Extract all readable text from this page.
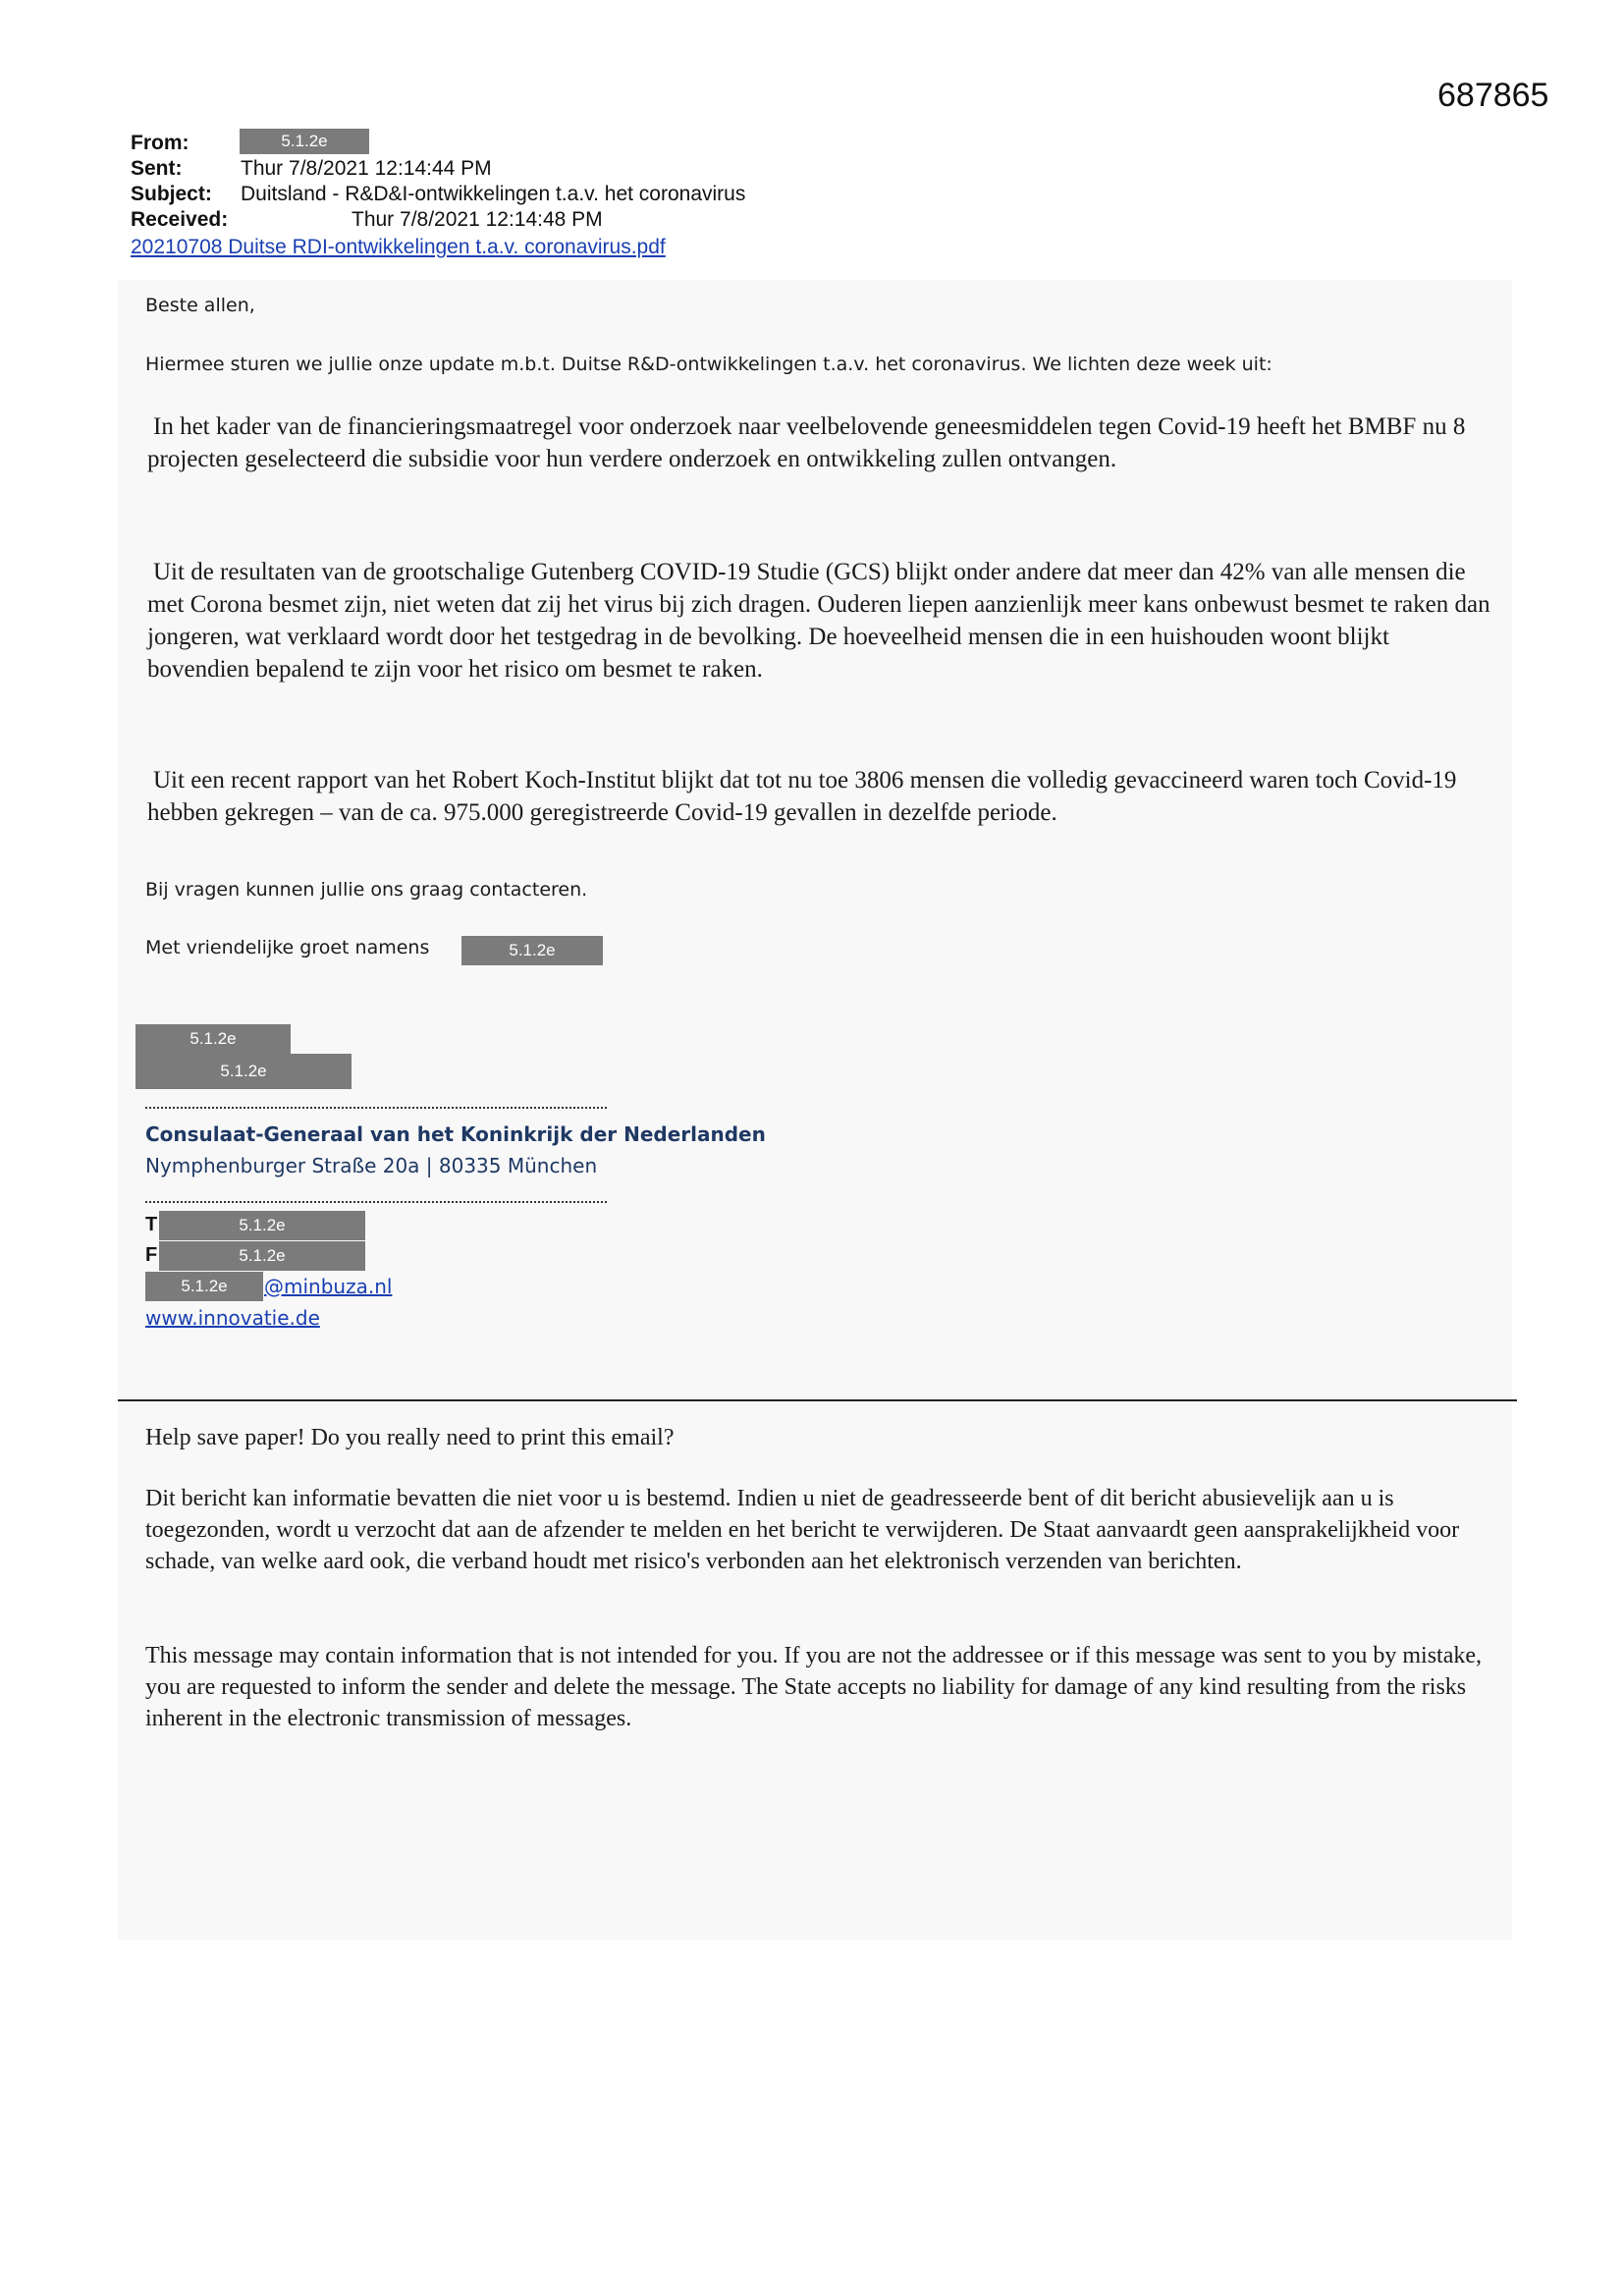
687865
From:	5.1.2e
Sent:	Thur 7/8/2021 12:14:44 PM
Subject: Duitsland - R&D&I-ontwikkelingen t.a.v. het coronavirus
Received:	Thur 7/8/2021 12:14:48 PM
20210708 Duitse RDI-ontwikkelingen t.a.v. coronavirus.pdf
Beste allen,
Hiermee sturen we jullie onze update m.b.t. Duitse R&D-ontwikkelingen t.a.v. het coronavirus. We lichten deze week uit:
In het kader van de financieringsmaatregel voor onderzoek naar veelbelovende geneesmiddelen tegen Covid-19 heeft het BMBF nu 8 projecten geselecteerd die subsidie voor hun verdere onderzoek en ontwikkeling zullen ontvangen.
Uit de resultaten van de grootschalige Gutenberg COVID-19 Studie (GCS) blijkt onder andere dat meer dan 42% van alle mensen die met Corona besmet zijn, niet weten dat zij het virus bij zich dragen. Ouderen liepen aanzienlijk meer kans onbewust besmet te raken dan jongeren, wat verklaard wordt door het testgedrag in de bevolking. De hoeveelheid mensen die in een huishouden woont blijkt bovendien bepalend te zijn voor het risico om besmet te raken.
Uit een recent rapport van het Robert Koch-Institut blijkt dat tot nu toe 3806 mensen die volledig gevaccineerd waren toch Covid-19 hebben gekregen – van de ca. 975.000 geregistreerde Covid-19 gevallen in dezelfde periode.
Bij vragen kunnen jullie ons graag contacteren.
Met vriendelijke groet namens	5.1.2e
5.1.2e
5.1.2e
Consulaat-Generaal van het Koninkrijk der Nederlanden
Nymphenburger Straße 20a | 80335 München
T	5.1.2e
F	5.1.2e
5.1.2e	@minbuza.nl
www.innovatie.de
Help save paper! Do you really need to print this email?
Dit bericht kan informatie bevatten die niet voor u is bestemd. Indien u niet de geadresseerde bent of dit bericht abusievelijk aan u is toegezonden, wordt u verzocht dat aan de afzender te melden en het bericht te verwijderen. De Staat aanvaardt geen aansprakelijkheid voor schade, van welke aard ook, die verband houdt met risico's verbonden aan het elektronisch verzenden van berichten.
This message may contain information that is not intended for you. If you are not the addressee or if this message was sent to you by mistake, you are requested to inform the sender and delete the message. The State accepts no liability for damage of any kind resulting from the risks inherent in the electronic transmission of messages.
